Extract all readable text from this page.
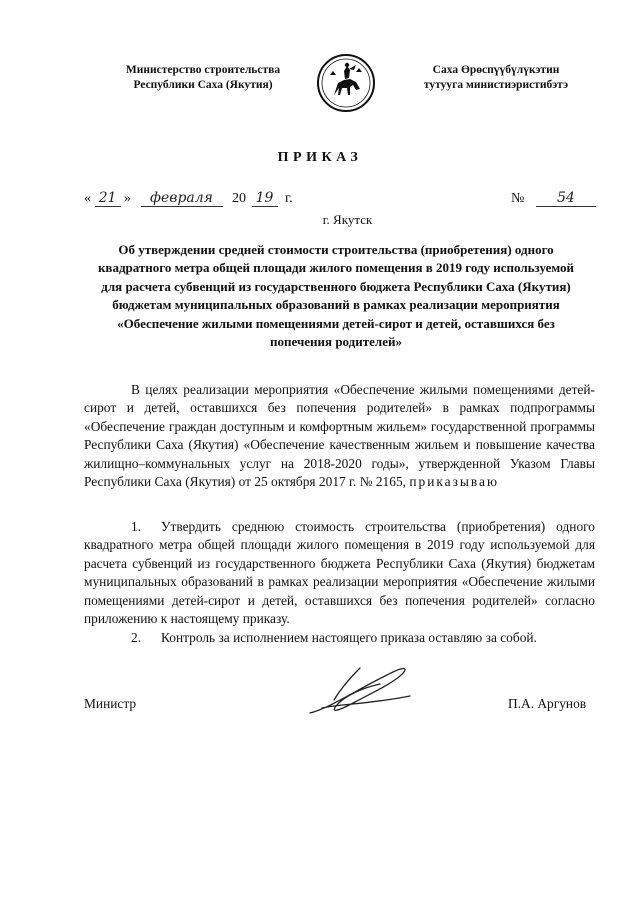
Министерство строительства
Республики Саха (Якутия)
Саха Өрөспүүбүлүкэтин
тутууга министиэристибэтэ
ПРИКАЗ
« 21 » февраля 20 19 г.	№ 54
г. Якутск
Об утверждении средней стоимости строительства (приобретения) одного квадратного метра общей площади жилого помещения в 2019 году используемой для расчета субвенций из государственного бюджета Республики Саха (Якутия) бюджетам муниципальных образований в рамках реализации мероприятия «Обеспечение жилыми помещениями детей-сирот и детей, оставшихся без попечения родителей»
В целях реализации мероприятия «Обеспечение жилыми помещениями детей-сирот и детей, оставшихся без попечения родителей» в рамках подпрограммы «Обеспечение граждан доступным и комфортным жильем» государственной программы Республики Саха (Якутия) «Обеспечение качественным жильем и повышение качества жилищно–коммунальных услуг на 2018-2020 годы», утвержденной Указом Главы Республики Саха (Якутия) от 25 октября 2017 г. № 2165, приказываю
1. Утвердить среднюю стоимость строительства (приобретения) одного квадратного метра общей площади жилого помещения в 2019 году используемой для расчета субвенций из государственного бюджета Республики Саха (Якутия) бюджетам муниципальных образований в рамках реализации мероприятия «Обеспечение жилыми помещениями детей-сирот и детей, оставшихся без попечения родителей» согласно приложению к настоящему приказу.
2. Контроль за исполнением настоящего приказа оставляю за собой.
Министр	П.А. Аргунов
